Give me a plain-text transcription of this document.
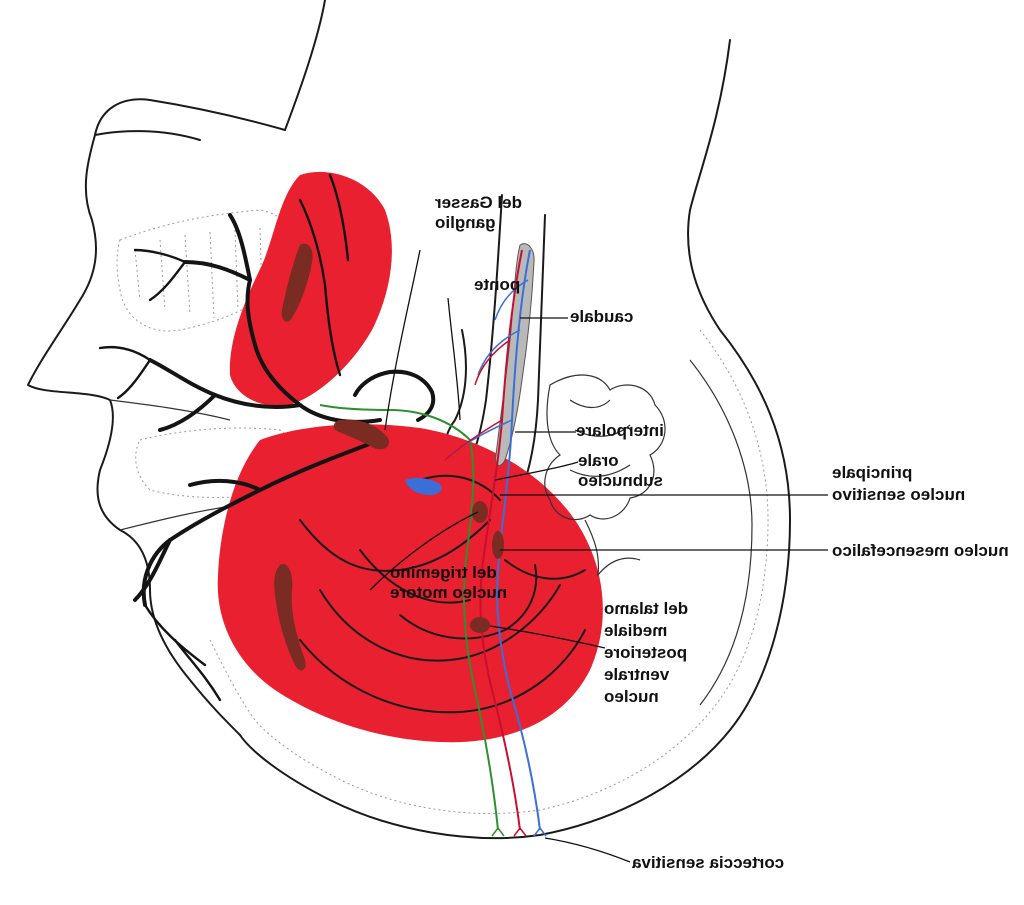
ganglio
del Gasser
ponte
caudale
interpolare
orale
subnucleo	principale
nucleo sensitivo
nucleo mesencefalico
nucleo motore
del trigemino
del talamo
mediale
posteriore
ventrale
nucleo
corteccia sensitiva
